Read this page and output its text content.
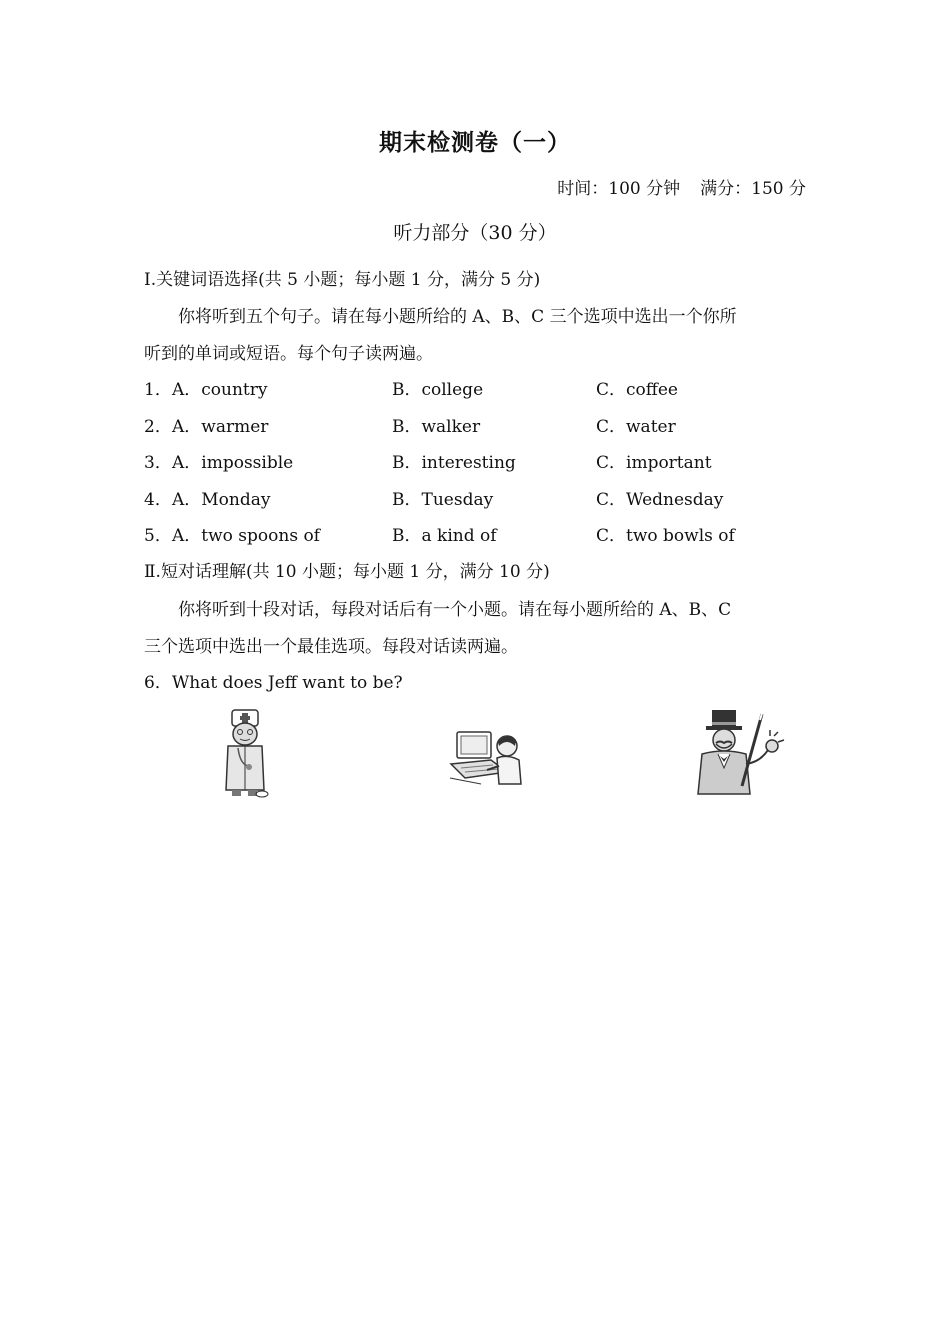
期末检测卷（一）
时间：100 分钟 满分：150 分
听力部分（30 分）
Ⅰ.关键词语选择(共 5 小题；每小题 1 分，满分 5 分)
你将听到五个句子。请在每小题所给的 A、B、C 三个选项中选出一个你所
听到的单词或短语。每个句子读两遍。
1． A．country	B．college	C．coffee
2． A．warmer	B．walker	C．water
3． A．impossible	B．interesting	C．important
4． A．Monday	B．Tuesday	C．Wednesday
5． A．two spoons of	B．a kind of	C．two bowls of
Ⅱ.短对话理解(共 10 小题；每小题 1 分，满分 10 分)
你将听到十段对话，每段对话后有一个小题。请在每小题所给的 A、B、C
三个选项中选出一个最佳选项。每段对话读两遍。
6．What does Jeff want to be?
